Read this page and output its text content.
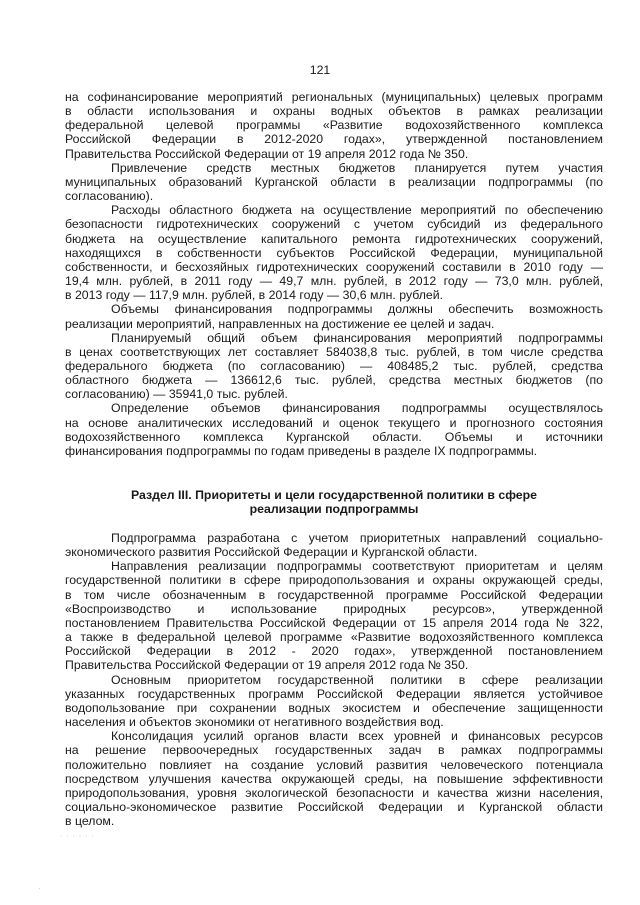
121
на софинансирование мероприятий региональных (муниципальных) целевых программ
в области использования и охраны водных объектов в рамках реализации
федеральной целевой программы «Развитие водохозяйственного комплекса
Российской Федерации в 2012-2020 годах», утвержденной постановлением
Правительства Российской Федерации от 19 апреля 2012 года № 350.
Привлечение средств местных бюджетов планируется путем участия
муниципальных образований Курганской области в реализации подпрограммы (по
согласованию).
Расходы областного бюджета на осуществление мероприятий по обеспечению
безопасности гидротехнических сооружений с учетом субсидий из федерального
бюджета на осуществление капитального ремонта гидротехнических сооружений,
находящихся в собственности субъектов Российской Федерации, муниципальной
собственности, и бесхозяйных гидротехнических сооружений составили в 2010 году —
19,4 млн. рублей, в 2011 году — 49,7 млн. рублей, в 2012 году — 73,0 млн. рублей,
в 2013 году — 117,9 млн. рублей, в 2014 году — 30,6 млн. рублей.
Объемы финансирования подпрограммы должны обеспечить возможность
реализации мероприятий, направленных на достижение ее целей и задач.
Планируемый общий объем финансирования мероприятий подпрограммы
в ценах соответствующих лет составляет 584038,8 тыс. рублей, в том числе средства
федерального бюджета (по согласованию) — 408485,2 тыс. рублей, средства
областного бюджета — 136612,6 тыс. рублей, средства местных бюджетов (по
согласованию) — 35941,0 тыс. рублей.
Определение объемов финансирования подпрограммы осуществлялось
на основе аналитических исследований и оценок текущего и прогнозного состояния
водохозяйственного комплекса Курганской области. Объемы и источники
финансирования подпрограммы по годам приведены в разделе IX подпрограммы.
Раздел III. Приоритеты и цели государственной политики в сфере
реализации подпрограммы
Подпрограмма разработана с учетом приоритетных направлений социально-
экономического развития Российской Федерации и Курганской области.
Направления реализации подпрограммы соответствуют приоритетам и целям
государственной политики в сфере природопользования и охраны окружающей среды,
в том числе обозначенным в государственной программе Российской Федерации
«Воспроизводство и использование природных ресурсов», утвержденной
постановлением Правительства Российской Федерации от 15 апреля 2014 года № 322,
а также в федеральной целевой программе «Развитие водохозяйственного комплекса
Российской Федерации в 2012 - 2020 годах», утвержденной постановлением
Правительства Российской Федерации от 19 апреля 2012 года № 350.
Основным приоритетом государственной политики в сфере реализации
указанных государственных программ Российской Федерации является устойчивое
водопользование при сохранении водных экосистем и обеспечение защищенности
населения и объектов экономики от негативного воздействия вод.
Консолидация усилий органов власти всех уровней и финансовых ресурсов
на решение первоочередных государственных задач в рамках подпрограммы
положительно повлияет на создание условий развития человеческого потенциала
посредством улучшения качества окружающей среды, на повышение эффективности
природопользования, уровня экологической безопасности и качества жизни населения,
социально-экономическое развитие Российской Федерации и Курганской области
в целом.
· · · · · ·
·
